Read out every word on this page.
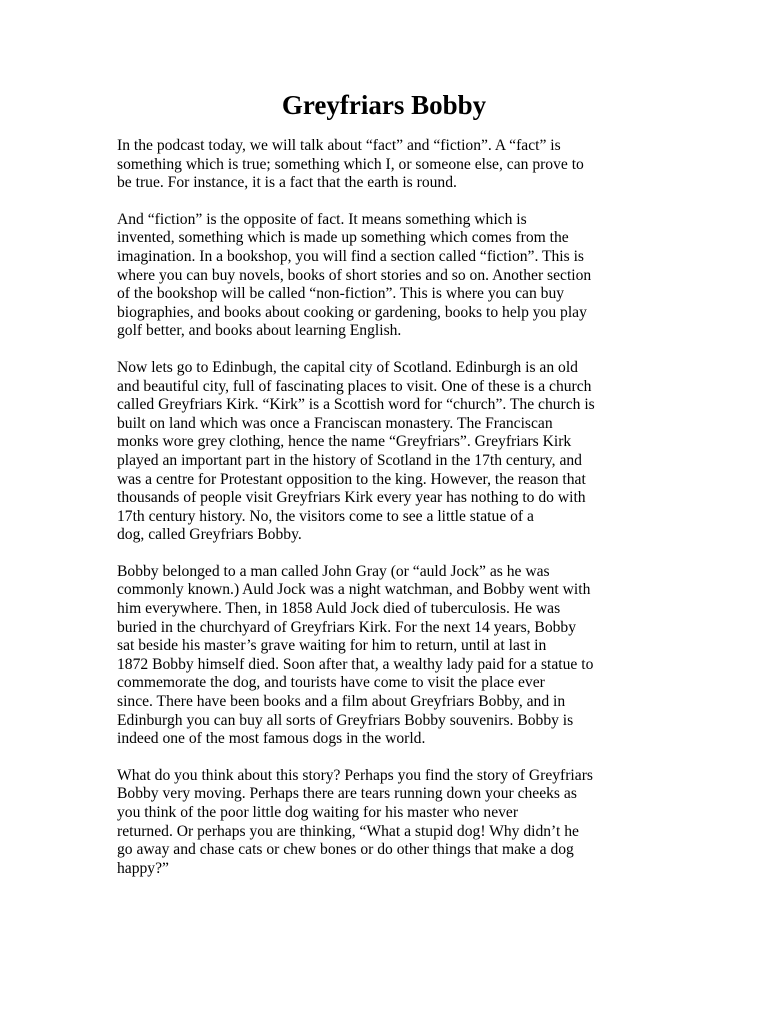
Greyfriars Bobby

In the podcast today, we will talk about “fact” and “fiction”. A “fact” is
something which is true; something which I, or someone else, can prove to
be true. For instance, it is a fact that the earth is round.

And “fiction” is the opposite of fact. It means something which is
invented, something which is made up something which comes from the
imagination. In a bookshop, you will find a section called “fiction”. This is
where you can buy novels, books of short stories and so on. Another section
of the bookshop will be called “non-fiction”. This is where you can buy
biographies, and books about cooking or gardening, books to help you play
golf better, and books about learning English.

Now lets go to Edinbugh, the capital city of Scotland. Edinburgh is an old
and beautiful city, full of fascinating places to visit. One of these is a church
called Greyfriars Kirk. “Kirk” is a Scottish word for “church”. The church is
built on land which was once a Franciscan monastery. The Franciscan
monks wore grey clothing, hence the name “Greyfriars”. Greyfriars Kirk
played an important part in the history of Scotland in the 17th century, and
was a centre for Protestant opposition to the king. However, the reason that
thousands of people visit Greyfriars Kirk every year has nothing to do with
17th century history. No, the visitors come to see a little statue of a
dog, called Greyfriars Bobby.

Bobby belonged to a man called John Gray (or “auld Jock” as he was
commonly known.) Auld Jock was a night watchman, and Bobby went with
him everywhere. Then, in 1858 Auld Jock died of tuberculosis. He was
buried in the churchyard of Greyfriars Kirk. For the next 14 years, Bobby
sat beside his master’s grave waiting for him to return, until at last in
1872 Bobby himself died. Soon after that, a wealthy lady paid for a statue to
commemorate the dog, and tourists have come to visit the place ever
since. There have been books and a film about Greyfriars Bobby, and in
Edinburgh you can buy all sorts of Greyfriars Bobby souvenirs. Bobby is
indeed one of the most famous dogs in the world.

What do you think about this story? Perhaps you find the story of Greyfriars
Bobby very moving. Perhaps there are tears running down your cheeks as
you think of the poor little dog waiting for his master who never
returned. Or perhaps you are thinking, “What a stupid dog! Why didn’t he
go away and chase cats or chew bones or do other things that make a dog
happy?”
